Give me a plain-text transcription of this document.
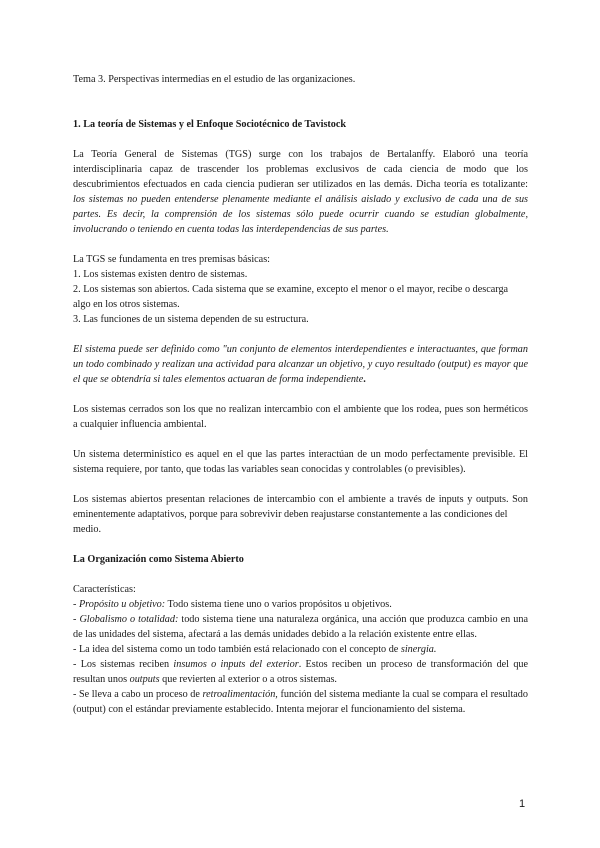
Tema 3. Perspectivas intermedias en el estudio de las organizaciones.

1. La teoría de Sistemas y el Enfoque Sociotécnico de Tavistock

La Teoría General de Sistemas (TGS) surge con los trabajos de Bertalanffy. Elaboró una teoría interdisciplinaria capaz de trascender los problemas exclusivos de cada ciencia de modo que los descubrimientos efectuados en cada ciencia pudieran ser utilizados en las demás. Dicha teoría es totalizante: los sistemas no pueden entenderse plenamente mediante el análisis aislado y exclusivo de cada una de sus partes. Es decir, la comprensión de los sistemas sólo puede ocurrir cuando se estudian globalmente, involucrando o teniendo en cuenta todas las interdependencias de sus partes.

La TGS se fundamenta en tres premisas básicas:

1. Los sistemas existen dentro de sistemas.

2. Los sistemas son abiertos. Cada sistema que se examine, excepto el menor o el mayor, recibe o descarga algo en los otros sistemas.

3. Las funciones de un sistema dependen de su estructura.

El sistema puede ser definido como "un conjunto de elementos interdependientes e interactuantes, que forman un todo combinado y realizan una actividad para alcanzar un objetivo, y cuyo resultado (output) es mayor que el que se obtendría si tales elementos actuaran de forma independiente.

Los sistemas cerrados son los que no realizan intercambio con el ambiente que los rodea, pues son herméticos a cualquier influencia ambiental.

Un sistema determinístico es aquel en el que las partes interactúan de un modo perfectamente previsible. El sistema requiere, por tanto, que todas las variables sean conocidas y controlables (o previsibles).

Los sistemas abiertos presentan relaciones de intercambio con el ambiente a través de inputs y outputs. Son eminentemente adaptativos, porque para sobrevivir deben reajustarse constantemente a las condiciones del

medio.

La Organización como Sistema Abierto

Características:

- Propósito u objetivo: Todo sistema tiene uno o varios propósitos u objetivos.

- Globalismo o totalidad: todo sistema tiene una naturaleza orgánica, una acción que produzca cambio en una de las unidades del sistema, afectará a las demás unidades debido a la relación existente entre ellas.

- La idea del sistema como un todo también está relacionado con el concepto de sinergia.

- Los sistemas reciben insumos o inputs del exterior. Estos reciben un proceso de transformación del que resultan unos outputs que revierten al exterior o a otros sistemas.

- Se lleva a cabo un proceso de retroalimentación, función del sistema mediante la cual se compara el resultado (output) con el estándar previamente establecido. Intenta mejorar el funcionamiento del sistema.

1
